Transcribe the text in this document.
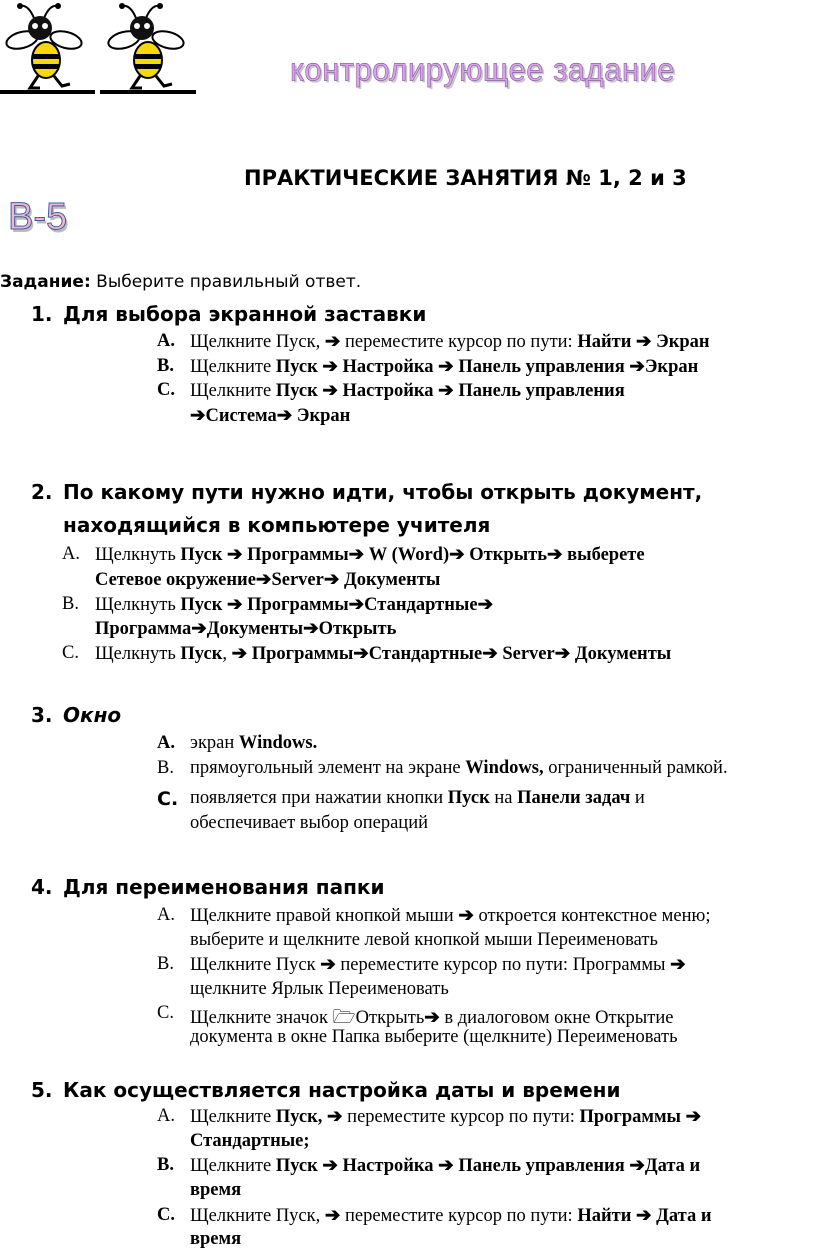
контролирующее задание
В-5
ПРАКТИЧЕСКИЕ ЗАНЯТИЯ № 1, 2 и 3
Задание: Выберите правильный ответ.
1. Для выбора экранной заставки
A. Щелкните Пуск, ➔ переместите курсор по пути: Найти ➔ Экран
B. Щелкните Пуск ➔ Настройка ➔ Панель управления ➔Экран
C. Щелкните Пуск ➔ Настройка ➔ Панель управления
➔Система➔ Экран
2. По какому пути нужно идти, чтобы открыть документ,
находящийся в компьютере учителя
A. Щелкнуть Пуск ➔ Программы➔ W (Word)➔ Открыть➔ выберете
Сетевое окружение➔Server➔ Документы
B. Щелкнуть Пуск ➔ Программы➔Стандартные➔
Программа➔Документы➔Открыть
C. Щелкнуть Пуск, ➔ Программы➔Стандартные➔ Server➔ Документы
3. Окно
A. экран Windows.
B. прямоугольный элемент на экране Windows, ограниченный рамкой.
C. появляется при нажатии кнопки Пуск на Панели задач и
обеспечивает выбор операций
4. Для переименования папки
A. Щелкните правой кнопкой мыши ➔ откроется контекстное меню;
выберите и щелкните левой кнопкой мыши Переименовать
B. Щелкните Пуск ➔ переместите курсор по пути: Программы ➔
щелкните Ярлык Переименовать
C. Щелкните значок 🗁Открыть➔ в диалоговом окне Открытие
документа в окне Папка выберите (щелкните) Переименовать
5. Как осуществляется настройка даты и времени
A. Щелкните Пуск, ➔ переместите курсор по пути: Программы ➔
Стандартные;
B. Щелкните Пуск ➔ Настройка ➔ Панель управления ➔Дата и
время
C. Щелкните Пуск, ➔ переместите курсор по пути: Найти ➔ Дата и
время
